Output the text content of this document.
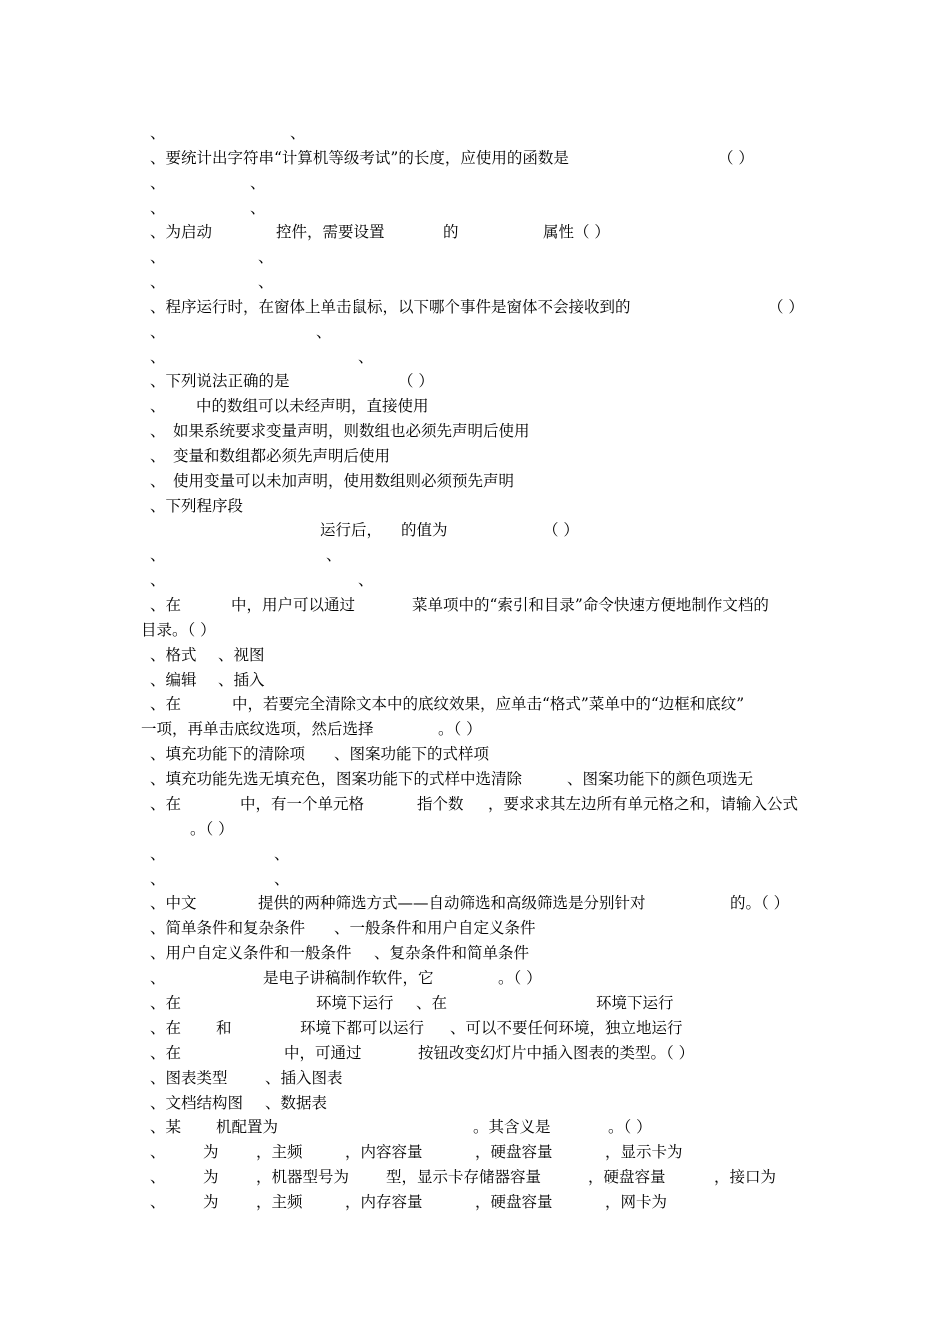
、	、
、要统计出字符串“计算机等级考试”的长度，应使用的函数是	（ ）
、	、
、	、
、为启动	控件，需要设置	的	属性（ ）
、	、
、	、
、程序运行时，在窗体上单击鼠标，以下哪个事件是窗体不会接收到的	（ ）
、	、
、	、
、下列说法正确的是	（ ）
、 中的数组可以未经声明，直接使用
、 如果系统要求变量声明，则数组也必须先声明后使用
、 变量和数组都必须先声明后使用
、 使用变量可以未加声明，使用数组则必须预先声明
、下列程序段
运行后， 的值为	（ ）
、	、
、	、
、在	中，用户可以通过	菜单项中的“索引和目录”命令快速方便地制作文档的
目录。（ ）
、格式 、视图
、编辑 、插入
、在	中，若要完全清除文本中的底纹效果，应单击“格式”菜单中的“边框和底纹”
一项，再单击底纹选项，然后选择	。（ ）
、填充功能下的清除项 、图案功能下的式样项
、填充功能先选无填充色，图案功能下的式样中选清除	、图案功能下的颜色项选无
、在	中，有一个单元格	指个数 ，要求求其左边所有单元格之和，请输入公式
。（ ）
、	、
、	、
、中文	提供的两种筛选方式——自动筛选和高级筛选是分别针对	的。（ ）
、简单条件和复杂条件 、一般条件和用户自定义条件
、用户自定义条件和一般条件 、复杂条件和简单条件
、	是电子讲稿制作软件，它	。（ ）
、在	环境下运行 、在	环境下运行
、在 和	环境下都可以运行 、可以不要任何环境，独立地运行
、在	中，可通过	按钮改变幻灯片中插入图表的类型。（ ）
、图表类型 、插入图表
、文档结构图 、数据表
、某 机配置为	。其含义是	。（ ）
、 为 ，主频	，内容容量	，硬盘容量	，显示卡为
、 为 ，机器型号为 型，显示卡存储器容量	，硬盘容量	，接口为
、 为 ，主频	，内存容量	，硬盘容量	，网卡为
